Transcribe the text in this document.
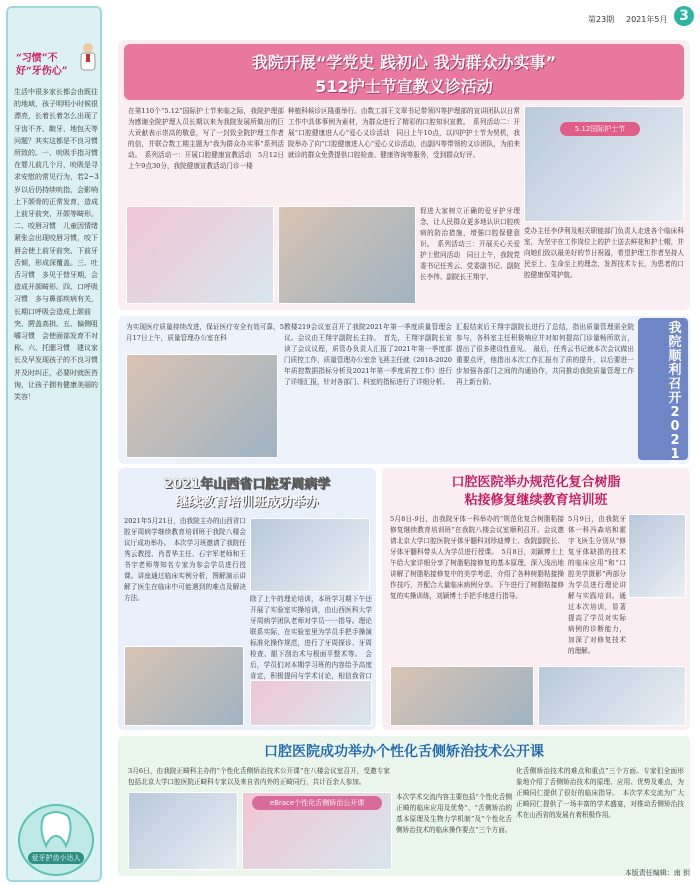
第23期 2021年5月 3
“习惯”不好“牙伤心”
生活中很多家长都会由既往的地域，孩子明明小时候很漂亮，长着长着怎么出现了牙齿不齐、龅牙、地包天等问题？其实这都是不良习惯所致的。一、吮吸手指习惯　在婴儿前几个月，吮吸是寻求安慰的常见行为，若2~3岁以后仍持续吮指，会影响上下颌骨的正常发育，造成上前牙前突、开颌等畸形。二、咬唇习惯　儿童因情绪紧张会出现咬唇习惯，咬下唇会使上前牙前突、下前牙舌倾，形成深覆盖。三、吐舌习惯　多见于替牙期，会造成开颌畸形。四、口呼吸习惯　多与鼻部疾病有关，长期口呼吸会造成上颌前突、腭盖高拱。五、偏侧咀嚼习惯　会使面部发育不对称。六、托腮习惯　建议家长及早发现孩子的不良习惯并及时纠正，必要时就医咨询，让孩子拥有健康美丽的笑容！
爱牙护齿小达人
我院开展“学党史 践初心 我为群众办实事”
512护士节宣教义诊活动
在第110个“5.12”国际护士节来临之际，我院护理部为感谢全院护理人员长期以来为我院发展所做出的巨大贡献表示崇高的敬意，写了一封致全院护理工作者的信，并联合数工期主题为“我为群众办实事”系列活动。　系列活动一：开展口腔健康宣教活动　5月12日上午9点30分，我院健康宣教活动门诊一楼
种植科候诊区隆重举行。由数工部王文翠书记带领四等护理部的宣讲团队以日常工作中具体事例为素材，为群众进行了精彩的口腔知识宣教。　系列活动二：开展“口腔健康进人心”爱心义诊活动　同日上午10点，以四护护士节为契机，我院举办了向“口腔健康进人心”爱心义诊活动，由副四等带领的义诊团队，为前来就诊的群众免费提供口腔检查、健康咨询等服务，受到群众好评。
促进大家树立正确的爱牙护牙理念，让人民群众更多地认识口腔疾病的防治措施，增强口腔保健意识。　系列活动三：开展关心关爱护士慰问活动　同日上午，我院党委书记任秀云、党委副书记、副院长李伟、副院长王翔宇、
5.12国际护士节
党办主任李伊利及相关职能部门负责人走进各个临床科室，为坚守在工作岗位上的护士送去鲜花和护士帽，并向她们致以最美好的节日祝福，希望护理工作者坚持人民至上、生命至上的理念，发挥技术专长，为患者的口腔健康保驾护航。
为实现医疗质量持续改进，保证医疗安全有效可靠，5月17日上午，质量管理办公室在科
教楼219会议室召开了我院2021年第一季度质量管理会议。会议由王翔宇副院长主持。　首先，王翔宇副院长宣读了会议议程，质管办负责人汇报了2021年第一季度部门质控工作，质量管理办公室余飞燕主任就《2018-2020年质控数据指标分析及2021年第一季度质控工作》进行了详细汇报，针对各部门、科室的指标进行了详细分析。
汇报结束后王翔宇副院长进行了总结，指出质量管理需全院参与，各科室主任积极响应并对如何提高门诊量畅所欲言，提出了很多建设性意见。　最后，任秀云书记就本次会议做出重要点评，他指出本次工作汇报有了质的提升，以后要进一步加强各部门之间的沟通协作，共同推动我院质量管理工作再上新台阶。
我院顺利召开2021
2021年山西省口腔牙周病学
继续教育培训班成功举办
2021年5月21日，由我院主办的山西省口腔牙周病学继续教育培训班于我院八楼会议厅成功举办。　本次学习班邀请了我院任秀云教授、肖晋华主任、石宇军老师和王书宇老师等知名专家为参会学员进行授课。讲座通过临床实例分析，图解演示讲解了医生在临床中可能遇到的难点及解决方法。	除了上午的理论培训，本班学习期下午还开展了实验室实操培训，由山西医科大学牙周病学团队老师对学员一一指导。理论联系实际，在实验室里为学员手把手操演标准化操作规范，进行了牙周探诊、牙周检查、龈下刮治术与根面平整术等。　会后，学员们对本期学习班的内容给予高度肯定，积极提问与学术讨论，相信我省口
口腔医院举办规范化复合树脂
粘接修复继续教育培训班
5月8日-9日，由我院牙体一科举办的“规范化复合树脂粘接修复继续教育培训班”在我院八楼会议室顺利召开。会议邀请北京大学口腔医院牙体牙髓科刘珍迪博士、我院副院长、牙体牙髓科带头人为学员进行授课。　5月8日，刘颖博士上午给大家详细分享了树脂粘接修复的基本原理，深入浅出地讲解了树脂粘接修复中的美学考虑，介绍了各种树脂粘接操作技巧，并配合大量临床病例分享。下午进行了树脂粘接修复的实操训练，刘颖博士手把手地进行指导。
5月9日，由我院牙体一科冯森培和霍宇飞医生分别从“修复牙体缺损的技术的临床应用”和“口腔美学摄影”两部分为学员进行理论讲解与实践培训。通过本次培训，显著提高了学员对实际病例的诊断能力，加深了对修复技术的理解。
口腔医院成功举办个性化舌侧矫治技术公开课
3月6日，由我院正畸科主办的“个性化舌侧矫治技术公开课”在八楼会议室召开，受邀专家包括北京大学口腔医院正畸科专家以及来自省内外的正畸同行，共计百余人参加。
eBrace个性化舌侧矫治公开课
本次学术交流内容主要包括“个性化舌侧正畸的临床应用及优势”、“舌侧矫治的基本原理及生物力学机制”及“个性化舌侧矫治技术的临床操作要点”三个方面。
化舌侧矫治技术的难点和重点”三个方面。专家们全面形象地介绍了舌侧矫治技术的原理、应用、优势及难点，为正畸同仁提供了很好的临床指导。　本次学术交流为广大正畸同仁提供了一场丰富的学术盛宴，对推动舌侧矫治技术在山西省的发展有着积极作用。
本版责任编辑：南 钥
